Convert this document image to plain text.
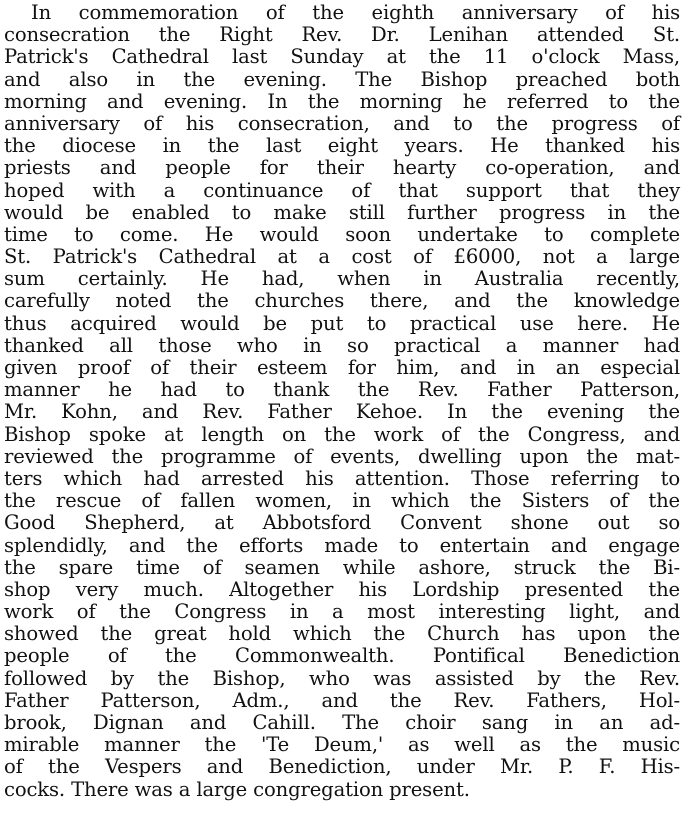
In commemoration of the eighth anniversary of his
consecration the Right Rev. Dr. Lenihan attended St.
Patrick's Cathedral last Sunday at the 11 o'clock Mass,
and also in the evening. The Bishop preached both
morning and evening. In the morning he referred to the
anniversary of his consecration, and to the progress of
the diocese in the last eight years. He thanked his
priests and people for their hearty co-operation, and
hoped with a continuance of that support that they
would be enabled to make still further progress in the
time to come. He would soon undertake to complete
St. Patrick's Cathedral at a cost of £6000, not a large
sum certainly. He had, when in Australia recently,
carefully noted the churches there, and the knowledge
thus acquired would be put to practical use here. He
thanked all those who in so practical a manner had
given proof of their esteem for him, and in an especial
manner he had to thank the Rev. Father Patterson,
Mr. Kohn, and Rev. Father Kehoe. In the evening the
Bishop spoke at length on the work of the Congress, and
reviewed the programme of events, dwelling upon the mat-
ters which had arrested his attention. Those referring to
the rescue of fallen women, in which the Sisters of the
Good Shepherd, at Abbotsford Convent shone out so
splendidly, and the efforts made to entertain and engage
the spare time of seamen while ashore, struck the Bi-
shop very much. Altogether his Lordship presented the
work of the Congress in a most interesting light, and
showed the great hold which the Church has upon the
people of the Commonwealth. Pontifical Benediction
followed by the Bishop, who was assisted by the Rev.
Father Patterson, Adm., and the Rev. Fathers, Hol-
brook, Dignan and Cahill. The choir sang in an ad-
mirable manner the 'Te Deum,' as well as the music
of the Vespers and Benediction, under Mr. P. F. His-
cocks. There was a large congregation present.
